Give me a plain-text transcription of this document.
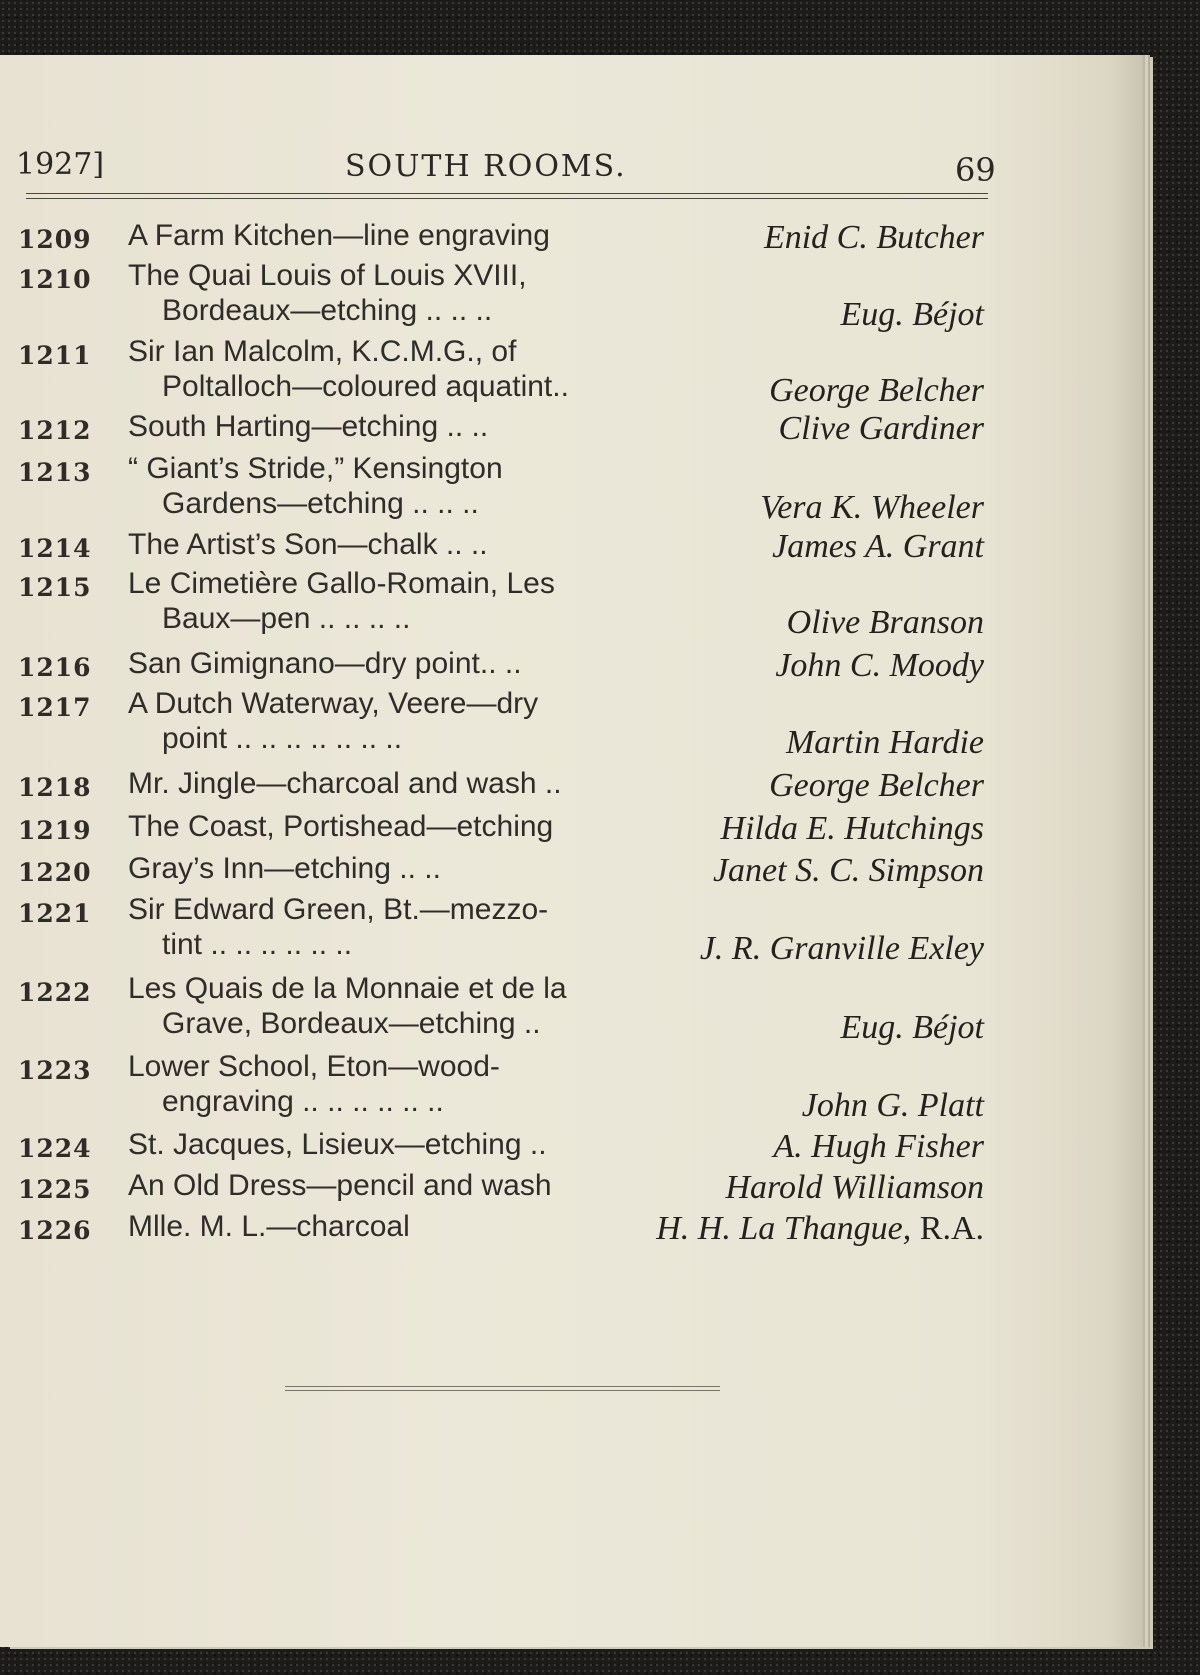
1927]	SOUTH ROOMS.	69
1209 A Farm Kitchen—line engraving	Enid C. Butcher
1210 The Quai Louis of Louis XVIII,
Bordeaux—etching .. .. ..	Eug. Béjot
1211 Sir Ian Malcolm, K.C.M.G., of
Poltalloch—coloured aquatint..	George Belcher
1212 South Harting—etching .. ..	Clive Gardiner
1213 “ Giant’s Stride,” Kensington
Gardens—etching .. .. ..	Vera K. Wheeler
1214 The Artist’s Son—chalk .. ..	James A. Grant
1215 Le Cimetière Gallo-Romain, Les
Baux—pen .. .. .. ..	Olive Branson
1216 San Gimignano—dry point.. ..	John C. Moody
1217 A Dutch Waterway, Veere—dry
point .. .. .. .. .. .. ..	Martin Hardie
1218 Mr. Jingle—charcoal and wash ..	George Belcher
1219 The Coast, Portishead—etching	Hilda E. Hutchings
1220 Gray’s Inn—etching .. ..	Janet S. C. Simpson
1221 Sir Edward Green, Bt.—mezzo-
tint .. .. .. .. .. ..	J. R. Granville Exley
1222 Les Quais de la Monnaie et de la
Grave, Bordeaux—etching ..	Eug. Béjot
1223 Lower School, Eton—wood-
engraving .. .. .. .. .. ..	John G. Platt
1224 St. Jacques, Lisieux—etching ..	A. Hugh Fisher
1225 An Old Dress—pencil and wash	Harold Williamson
1226 Mlle. M. L.—charcoal	H. H. La Thangue, R.A.
